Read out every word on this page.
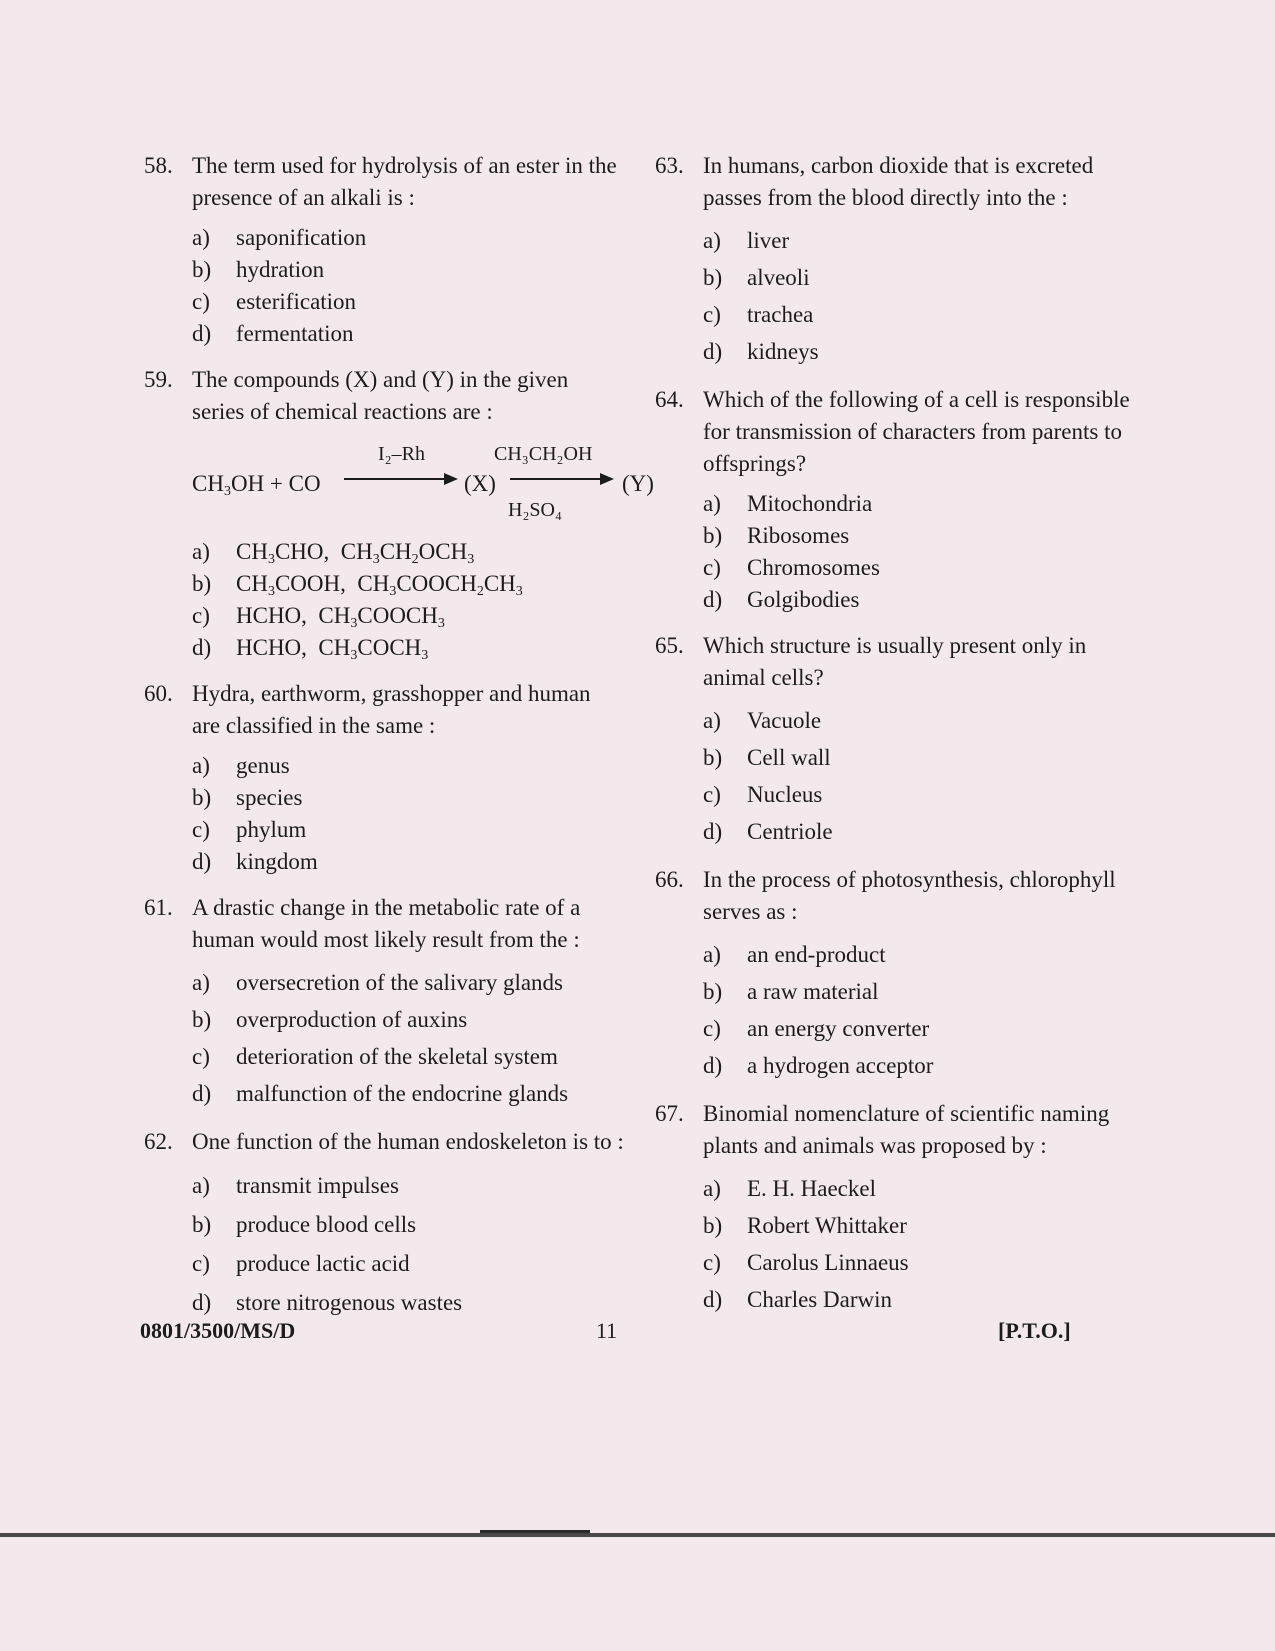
58. The term used for hydrolysis of an ester in the presence of an alkali is :
a)	saponification
b)	hydration
c)	esterification
d)	fermentation
59. The compounds (X) and (Y) in the given series of chemical reactions are :
$CH_3OH$ + CO
I₂–Rh
(X)
CH₃CH₂OH
H₂SO₄
(Y)
a)	$CH_3CHO$,  $CH_3CH_2OCH_3$
b)	$CH_3COOH$,  $CH_3COOCH_2CH_3$
c)	HCHO,  $CH_3COOCH_3$
d)	HCHO,  $CH_3COCH_3$
60. Hydra, earthworm, grasshopper and human are classified in the same :
a)	genus
b)	species
c)	phylum
d)	kingdom
61. A drastic change in the metabolic rate of a human would most likely result from the :
a)	oversecretion of the salivary glands
b)	overproduction of auxins
c)	deterioration of the skeletal system
d)	malfunction of the endocrine glands
62. One function of the human endoskeleton is to :
a)	transmit impulses
b)	produce blood cells
c)	produce lactic acid
d)	store nitrogenous wastes
63. In humans, carbon dioxide that is excreted passes from the blood directly into the :
a)	liver
b)	alveoli
c)	trachea
d)	kidneys
64. Which of the following of a cell is responsible for transmission of characters from parents to offsprings?
a)	Mitochondria
b)	Ribosomes
c)	Chromosomes
d)	Golgibodies
65. Which structure is usually present only in animal cells?
a)	Vacuole
b)	Cell wall
c)	Nucleus
d)	Centriole
66. In the process of photosynthesis, chlorophyll serves as :
a)	an end-product
b)	a raw material
c)	an energy converter
d)	a hydrogen acceptor
67. Binomial nomenclature of scientific naming plants and animals was proposed by :
a)	E. H. Haeckel
b)	Robert Whittaker
c)	Carolus Linnaeus
d)	Charles Darwin
0801/3500/MS/D	11	[P.T.O.]
